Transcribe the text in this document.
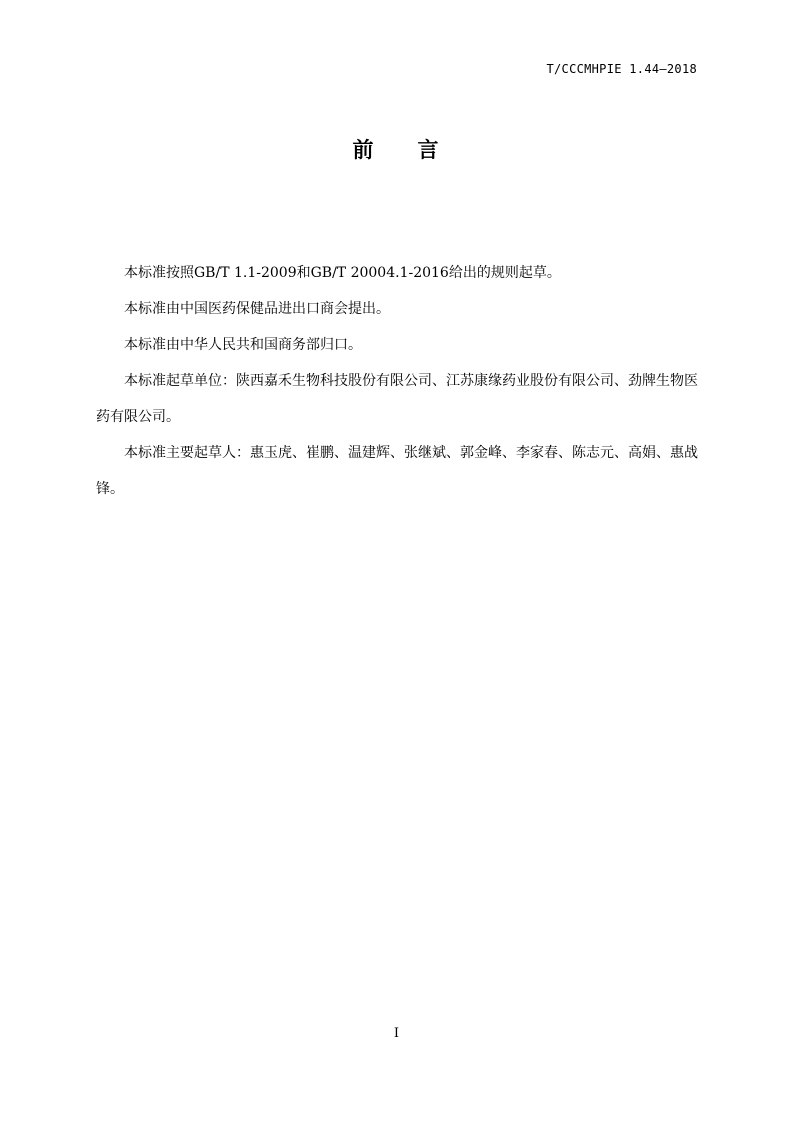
T/CCCMHPIE 1.44—2018
前 言

本标准按照GB/T 1.1-2009和GB/T 20004.1-2016给出的规则起草。

本标准由中国医药保健品进出口商会提出。

本标准由中华人民共和国商务部归口。

本标准起草单位：陕西嘉禾生物科技股份有限公司、江苏康缘药业股份有限公司、劲牌生物医药有限公司。

本标准主要起草人：惠玉虎、崔鹏、温建辉、张继斌、郭金峰、李家春、陈志元、高娟、惠战锋。

I
